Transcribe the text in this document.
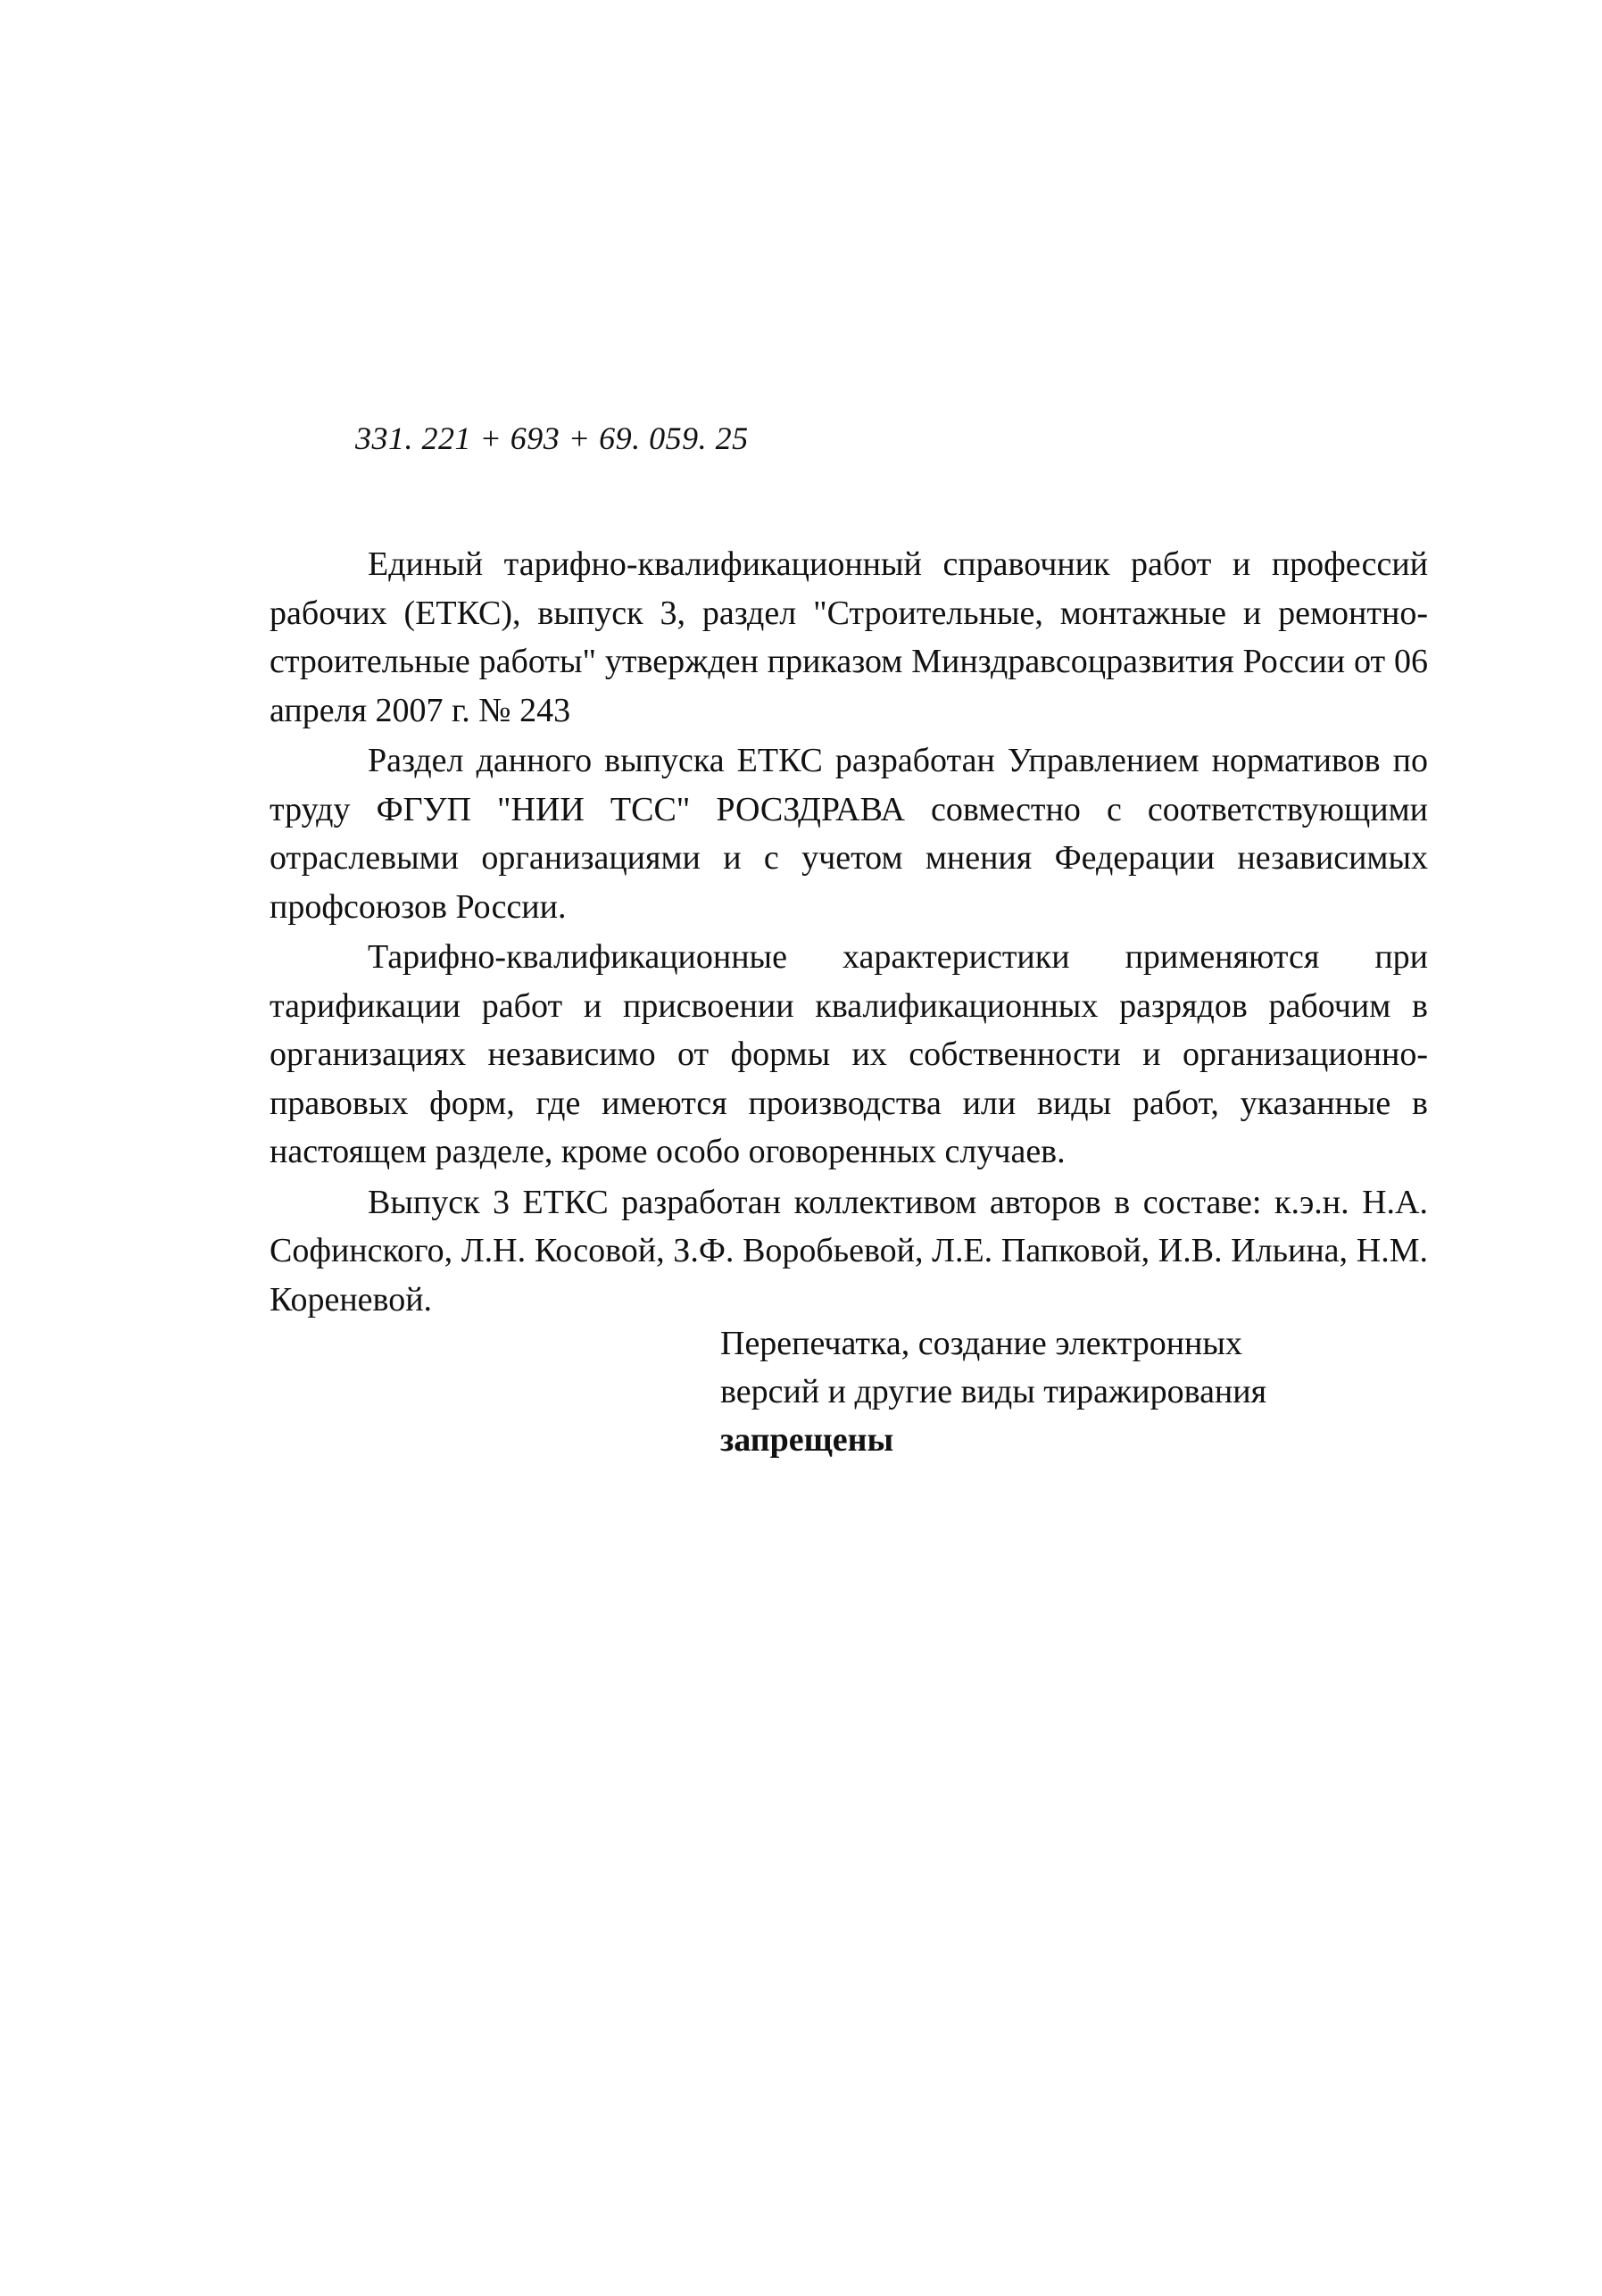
331. 221 + 693 + 69. 059. 25

Единый тарифно-квалификационный справочник работ и профессий рабочих (ЕТКС), выпуск 3, раздел "Строительные, монтажные и ремонтно-строительные работы" утвержден приказом Минздравсоцразвития России от 06 апреля 2007 г. № 243

Раздел данного выпуска ЕТКС разработан Управлением нормативов по труду ФГУП "НИИ ТСС" РОСЗДРАВА совместно с соответствующими отраслевыми организациями и с учетом мнения Федерации независимых профсоюзов России.

Тарифно-квалификационные характеристики применяются при тарификации работ и присвоении квалификационных разрядов рабочим в организациях независимо от формы их собственности и организационно-правовых форм, где имеются производства или виды работ, указанные в настоящем разделе, кроме особо оговоренных случаев.

Выпуск 3 ЕТКС разработан коллективом авторов в составе: к.э.н. Н.А. Софинского, Л.Н. Косовой, З.Ф. Воробьевой, Л.Е. Папковой, И.В. Ильина, Н.М. Кореневой.

Перепечатка, создание электронных
версий и другие виды тиражирования
запрещены
